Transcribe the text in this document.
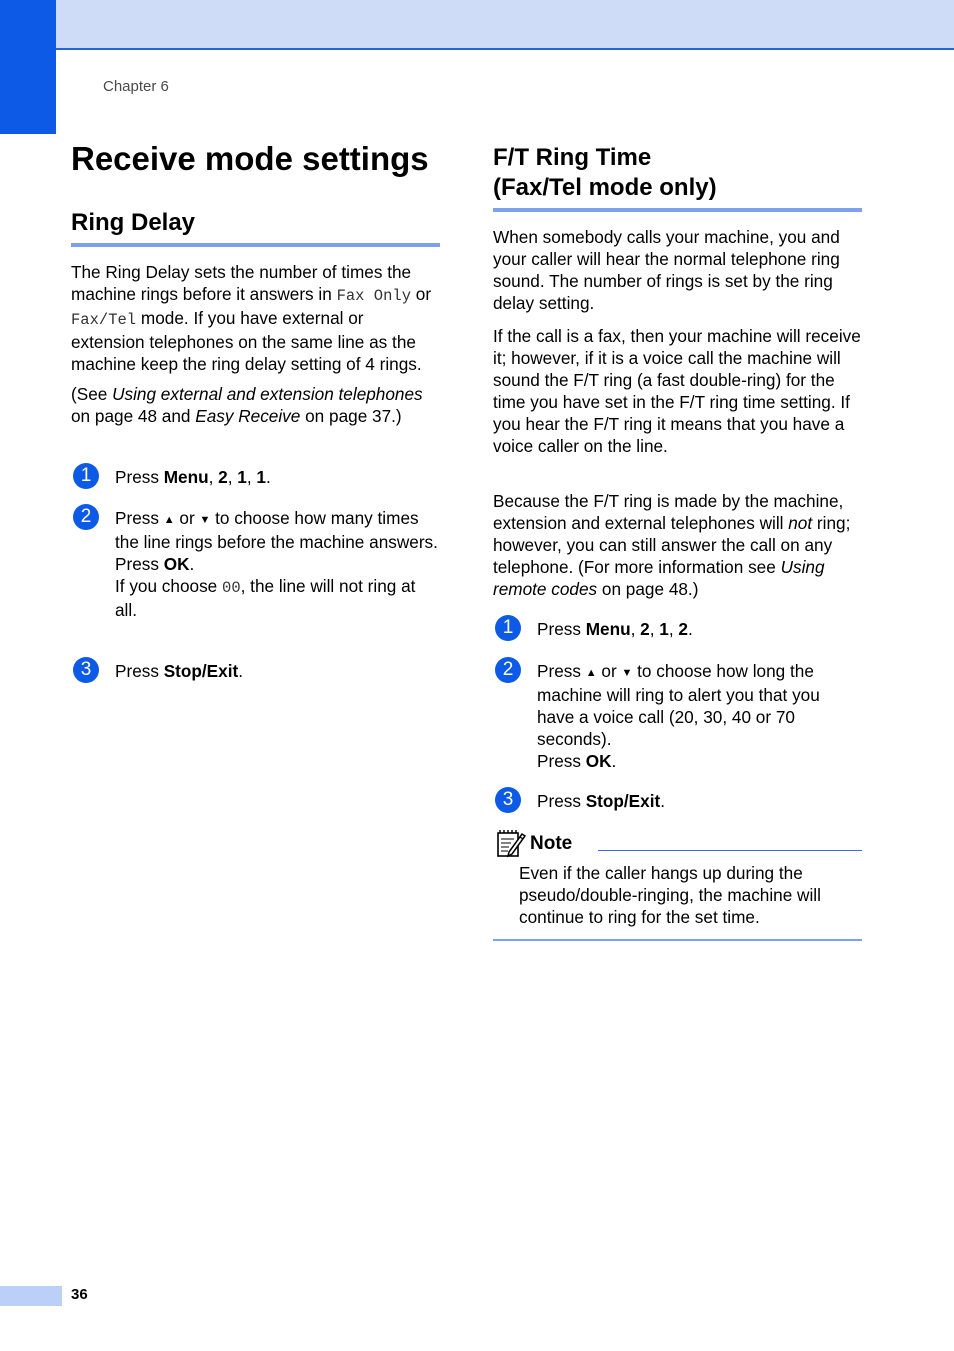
Chapter 6
Receive mode settings
Ring Delay

The Ring Delay sets the number of times the machine rings before it answers in Fax Only or Fax/Tel mode. If you have external or extension telephones on the same line as the machine keep the ring delay setting of 4 rings.

(See Using external and extension telephones on page 48 and Easy Receive on page 37.)

1	Press Menu, 2, 1, 1.
2	Press ▲ or ▼ to choose how many times the line rings before the machine answers.
Press OK.
If you choose 00, the line will not ring at all.
3	Press Stop/Exit.
F/T Ring Time
(Fax/Tel mode only)

When somebody calls your machine, you and your caller will hear the normal telephone ring sound. The number of rings is set by the ring delay setting.

If the call is a fax, then your machine will receive it; however, if it is a voice call the machine will sound the F/T ring (a fast double-ring) for the time you have set in the F/T ring time setting. If you hear the F/T ring it means that you have a voice caller on the line.

Because the F/T ring is made by the machine, extension and external telephones will not ring; however, you can still answer the call on any telephone. (For more information see Using remote codes on page 48.)

1	Press Menu, 2, 1, 2.
2	Press ▲ or ▼ to choose how long the machine will ring to alert you that you have a voice call (20, 30, 40 or 70 seconds).
Press OK.
3	Press Stop/Exit.
Note

Even if the caller hangs up during the pseudo/double-ringing, the machine will continue to ring for the set time.

36
